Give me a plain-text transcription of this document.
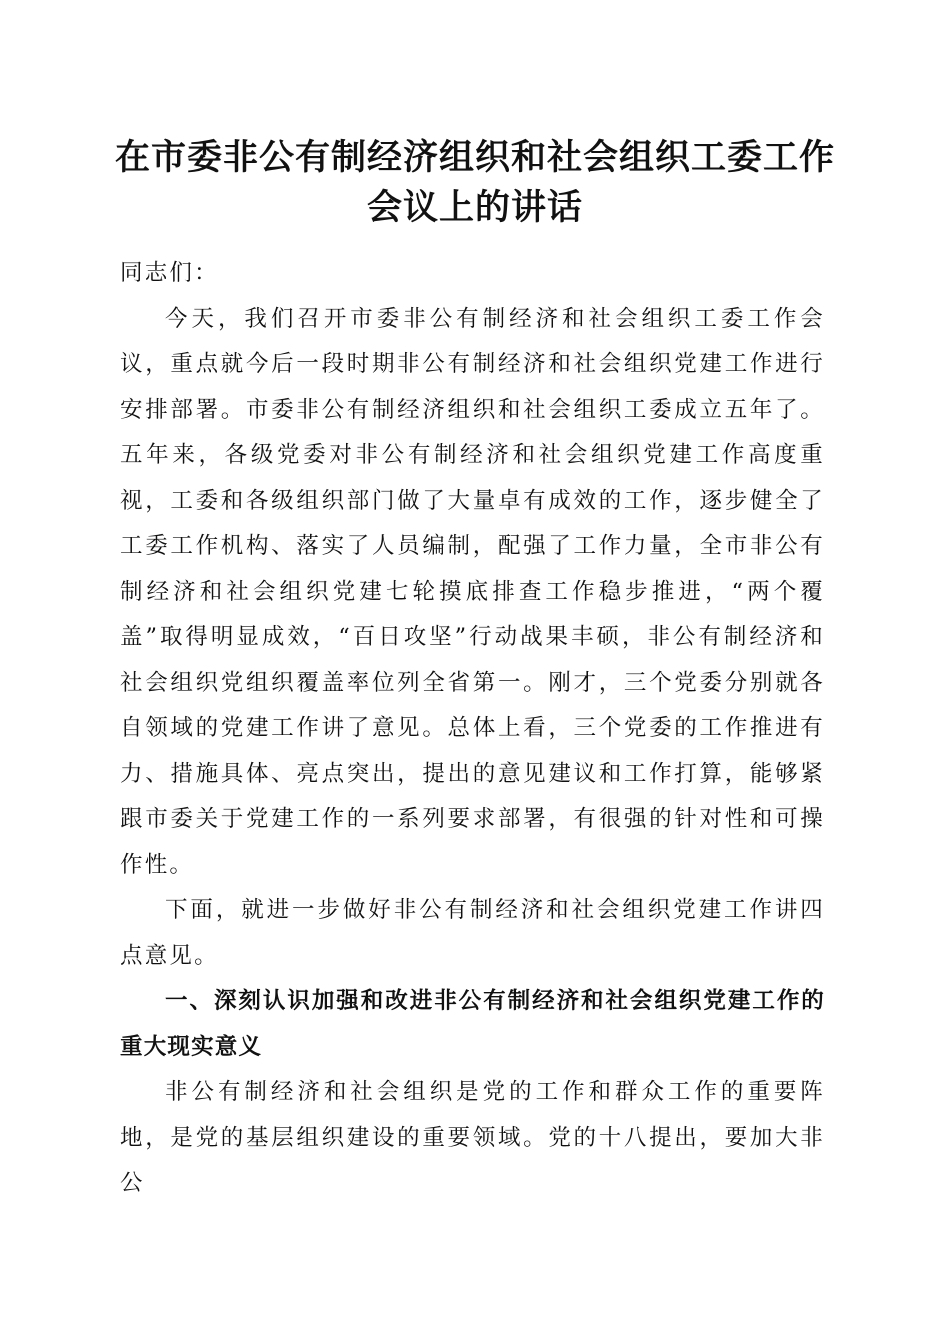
在市委非公有制经济组织和社会组织工委工作
会议上的讲话

同志们：

今天，我们召开市委非公有制经济和社会组织工委工作会议，重点就今后一段时期非公有制经济和社会组织党建工作进行安排部署。市委非公有制经济组织和社会组织工委成立五年了。五年来，各级党委对非公有制经济和社会组织党建工作高度重视，工委和各级组织部门做了大量卓有成效的工作，逐步健全了工委工作机构、落实了人员编制，配强了工作力量，全市非公有制经济和社会组织党建七轮摸底排查工作稳步推进，“两个覆盖”取得明显成效，“百日攻坚”行动战果丰硕，非公有制经济和社会组织党组织覆盖率位列全省第一。刚才，三个党委分别就各自领域的党建工作讲了意见。总体上看，三个党委的工作推进有力、措施具体、亮点突出，提出的意见建议和工作打算，能够紧跟市委关于党建工作的一系列要求部署，有很强的针对性和可操作性。

下面，就进一步做好非公有制经济和社会组织党建工作讲四点意见。

一、深刻认识加强和改进非公有制经济和社会组织党建工作的重大现实意义

非公有制经济和社会组织是党的工作和群众工作的重要阵地，是党的基层组织建设的重要领域。党的十八提出，要加大非公
